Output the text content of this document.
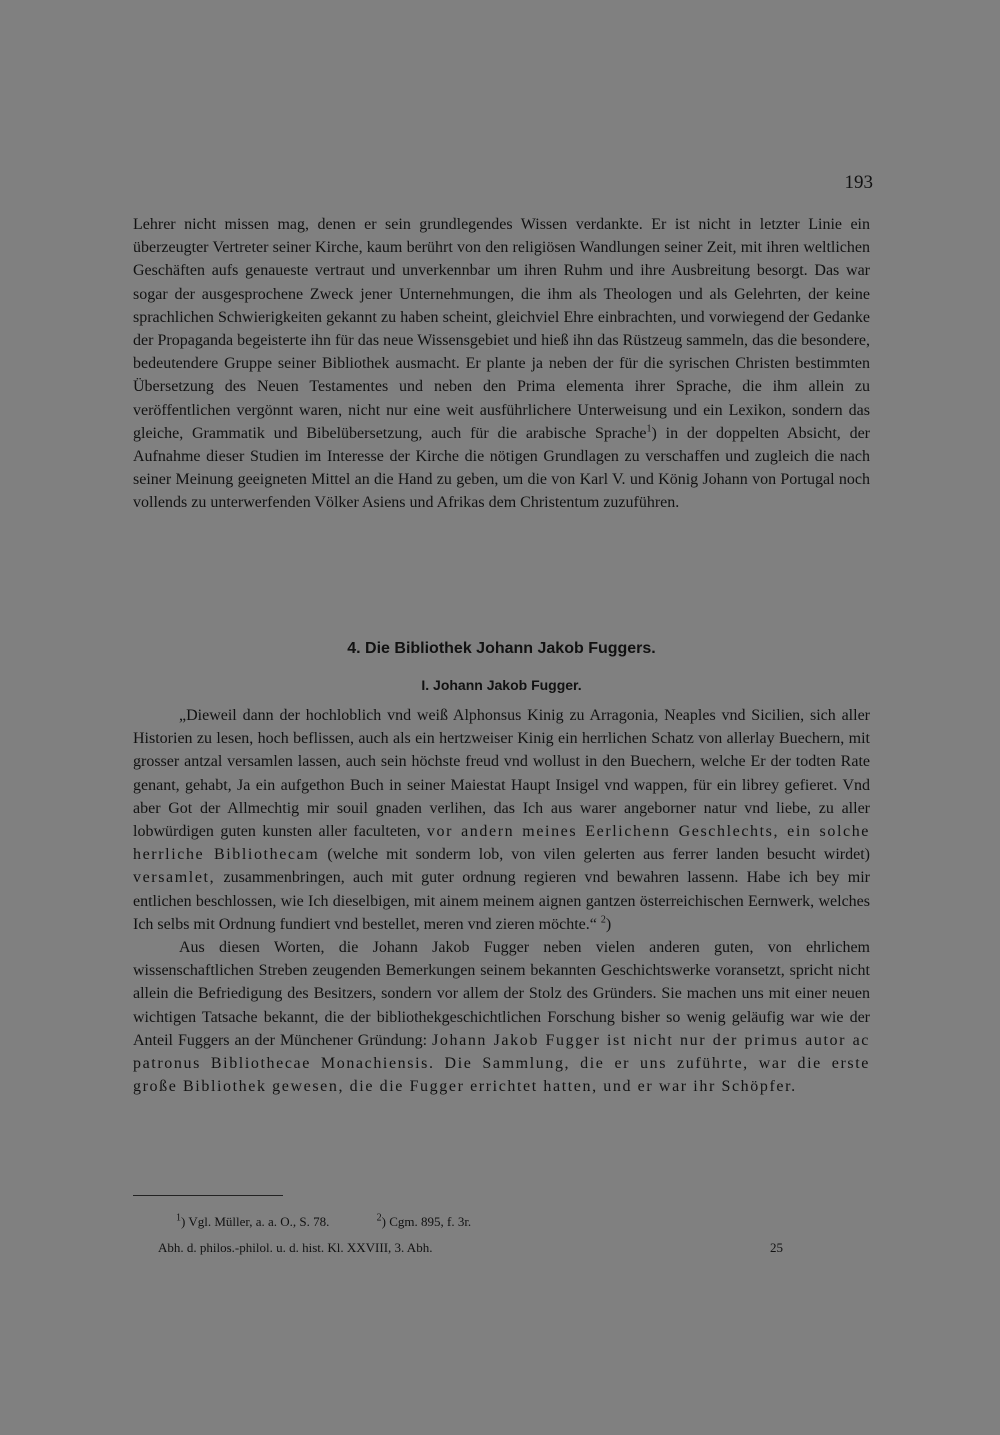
193

Lehrer nicht missen mag, denen er sein grundlegendes Wissen verdankte. Er ist nicht in letzter Linie ein überzeugter Vertreter seiner Kirche, kaum berührt von den religiösen Wandlungen seiner Zeit, mit ihren weltlichen Geschäften aufs genaueste vertraut und unverkennbar um ihren Ruhm und ihre Ausbreitung besorgt. Das war sogar der ausgesprochene Zweck jener Unternehmungen, die ihm als Theologen und als Gelehrten, der keine sprachlichen Schwierigkeiten gekannt zu haben scheint, gleichviel Ehre einbrachten, und vorwiegend der Gedanke der Propaganda begeisterte ihn für das neue Wissensgebiet und hieß ihn das Rüstzeug sammeln, das die besondere, bedeutendere Gruppe seiner Bibliothek ausmacht. Er plante ja neben der für die syrischen Christen bestimmten Übersetzung des Neuen Testamentes und neben den Prima elementa ihrer Sprache, die ihm allein zu veröffentlichen vergönnt waren, nicht nur eine weit ausführlichere Unterweisung und ein Lexikon, sondern das gleiche, Grammatik und Bibelübersetzung, auch für die arabische Sprache$^1$) in der doppelten Absicht, der Aufnahme dieser Studien im Interesse der Kirche die nötigen Grundlagen zu verschaffen und zugleich die nach seiner Meinung geeigneten Mittel an die Hand zu geben, um die von Karl V. und König Johann von Portugal noch vollends zu unterwerfenden Völker Asiens und Afrikas dem Christentum zuzuführen.

4. Die Bibliothek Johann Jakob Fuggers.
I. Johann Jakob Fugger.

„Dieweil dann der hochloblich vnd weiß Alphonsus Kinig zu Arragonia, Neaples vnd Sicilien, sich aller Historien zu lesen, hoch beflissen, auch als ein hertzweiser Kinig ein herrlichen Schatz von allerlay Buechern, mit grosser antzal versamlen lassen, auch sein höchste freud vnd wollust in den Buechern, welche Er der todten Rate genant, gehabt, Ja ein aufgethon Buch in seiner Maiestat Haupt Insigel vnd wappen, für ein librey gefieret. Vnd aber Got der Allmechtig mir souil gnaden verlihen, das Ich aus warer angeborner natur vnd liebe, zu aller lobwürdigen guten kunsten aller faculteten, vor andern meines Eerlichenn Geschlechts, ein solche herrliche Bibliothecam (welche mit sonderm lob, von vilen gelerten aus ferrer landen besucht wirdet) versamlet, zusammenbringen, auch mit guter ordnung regieren vnd bewahren lassenn. Habe ich bey mir entlichen beschlossen, wie Ich dieselbigen, mit ainem meinem aignen gantzen österreichischen Eernwerk, welches Ich selbs mit Ordnung fundiert vnd bestellet, meren vnd zieren möchte.“ $^2$)

Aus diesen Worten, die Johann Jakob Fugger neben vielen anderen guten, von ehrlichem wissenschaftlichen Streben zeugenden Bemerkungen seinem bekannten Geschichtswerke voransetzt, spricht nicht allein die Befriedigung des Besitzers, sondern vor allem der Stolz des Gründers. Sie machen uns mit einer neuen wichtigen Tatsache bekannt, die der bibliothekgeschichtlichen Forschung bisher so wenig geläufig war wie der Anteil Fuggers an der Münchener Gründung: Johann Jakob Fugger ist nicht nur der primus autor ac patronus Bibliothecae Monachiensis. Die Sammlung, die er uns zuführte, war die erste große Bibliothek gewesen, die die Fugger errichtet hatten, und er war ihr Schöpfer.

$^1$) Vgl. Müller, a. a. O., S. 78.	$^2$) Cgm. 895, f. 3r.
Abh. d. philos.-philol. u. d. hist. Kl. XXVIII, 3. Abh.	25
